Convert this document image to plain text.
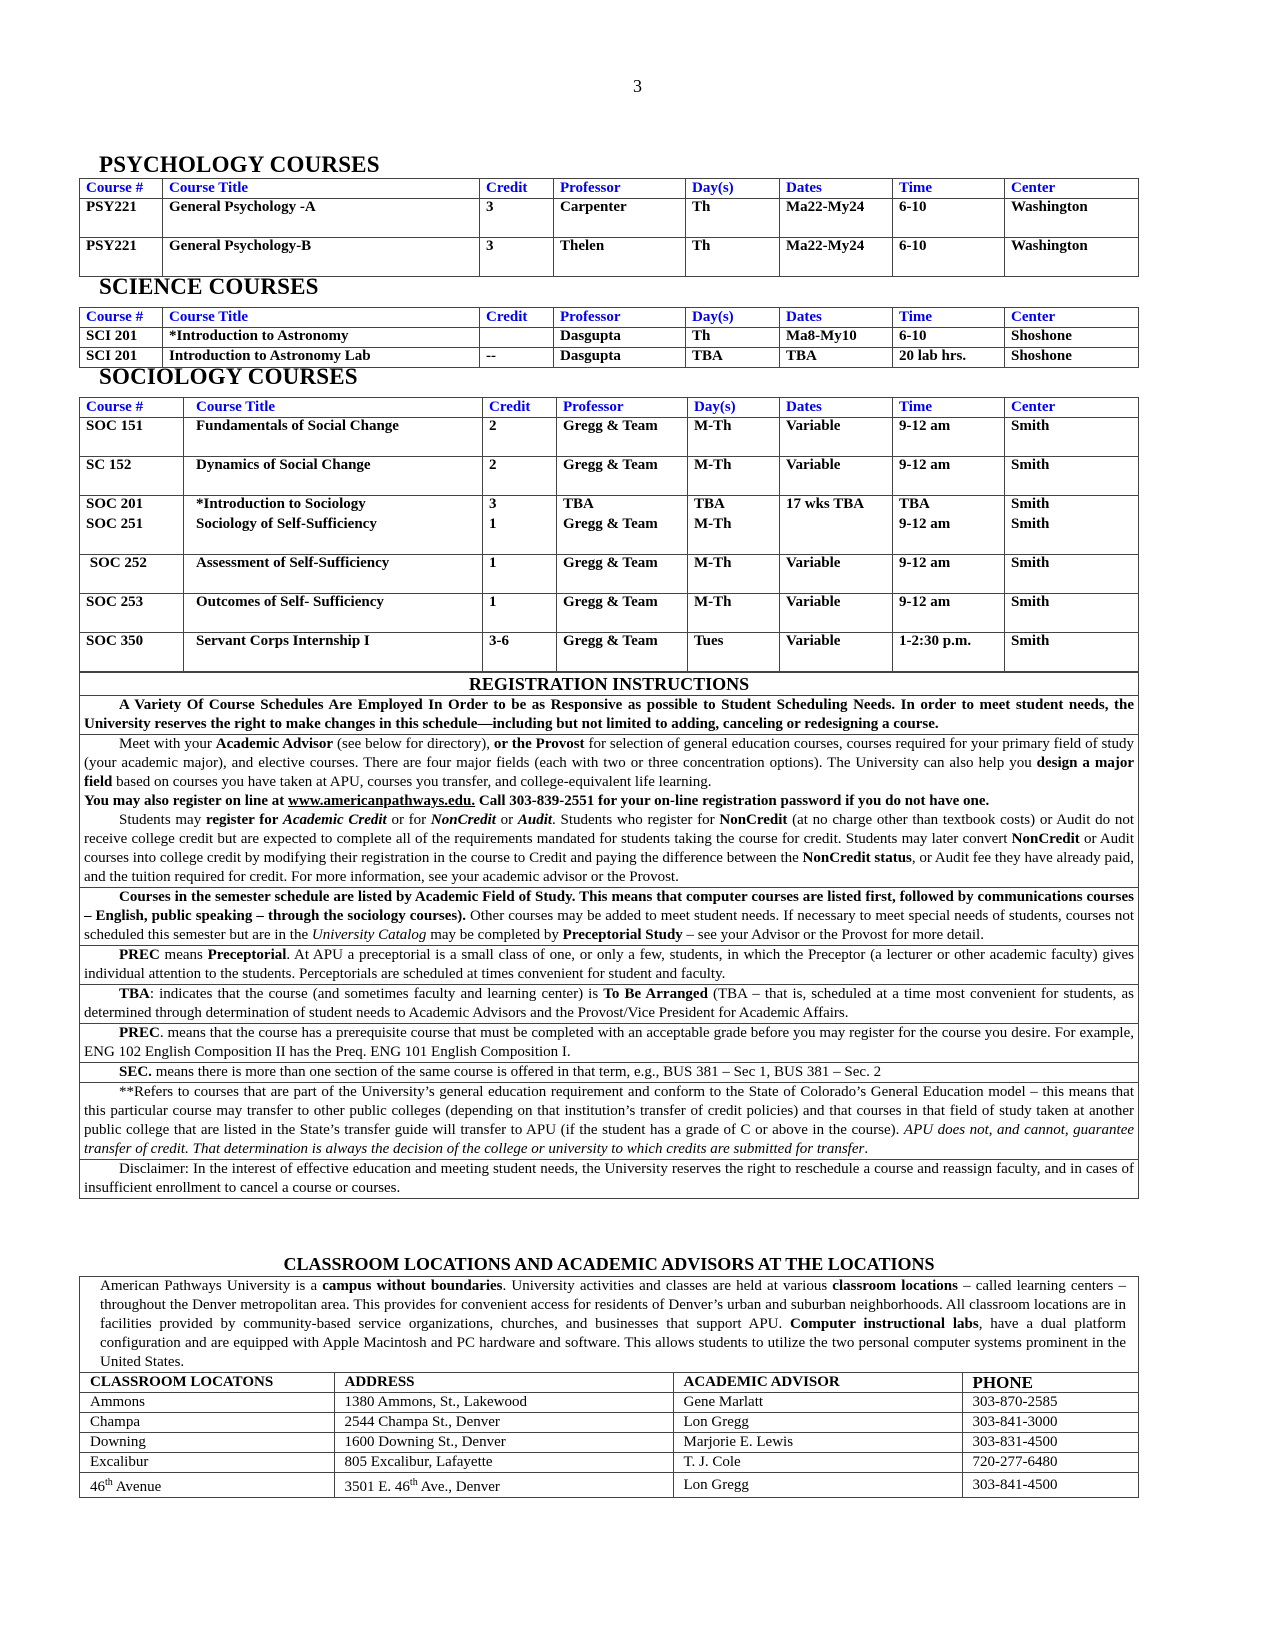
3
PSYCHOLOGY COURSES
Course #	Course Title	Credit	Professor	Day(s)	Dates	Time	Center
PSY221	General Psychology -A	3	Carpenter	Th	Ma22-My24	6-10	Washington
PSY221	General Psychology-B	3	Thelen	Th	Ma22-My24	6-10	Washington
SCIENCE COURSES
Course #	Course Title	Credit	Professor	Day(s)	Dates	Time	Center
SCI 201	*Introduction to Astronomy		Dasgupta	Th	Ma8-My10	6-10	Shoshone
SCI 201	Introduction to Astronomy Lab	--	Dasgupta	TBA	TBA	20 lab hrs.	Shoshone
SOCIOLOGY COURSES
Course #	Course Title	Credit	Professor	Day(s)	Dates	Time	Center
SOC 151	Fundamentals of Social Change	2	Gregg & Team	M-Th	Variable	9-12 am	Smith
SC 152	Dynamics of Social Change	2	Gregg & Team	M-Th	Variable	9-12 am	Smith
SOC 201	*Introduction to Sociology	3	TBA	TBA	17 wks TBA	TBA	Smith
SOC 251	Sociology of Self-Sufficiency	1	Gregg & Team	M-Th		9-12 am	Smith
SOC 252	Assessment of Self-Sufficiency	1	Gregg & Team	M-Th	Variable	9-12 am	Smith
SOC 253	Outcomes of Self- Sufficiency	1	Gregg & Team	M-Th	Variable	9-12 am	Smith
SOC 350	Servant Corps Internship I	3-6	Gregg & Team	Tues	Variable	1-2:30 p.m.	Smith
REGISTRATION INSTRUCTIONS

A Variety Of Course Schedules Are Employed In Order to be as Responsive as possible to Student Scheduling Needs. In order to meet student needs, the University reserves the right to make changes in this schedule—including but not limited to adding, canceling or redesigning a course.

Meet with your Academic Advisor (see below for directory), or the Provost for selection of general education courses, courses required for your primary field of study (your academic major), and elective courses. There are four major fields (each with two or three concentration options). The University can also help you design a major field based on courses you have taken at APU, courses you transfer, and college-equivalent life learning.

You may also register on line at www.americanpathways.edu. Call 303-839-2551 for your on-line registration password if you do not have one.

Students may register for Academic Credit or for NonCredit or Audit. Students who register for NonCredit (at no charge other than textbook costs) or Audit do not receive college credit but are expected to complete all of the requirements mandated for students taking the course for credit. Students may later convert NonCredit or Audit courses into college credit by modifying their registration in the course to Credit and paying the difference between the NonCredit status, or Audit fee they have already paid, and the tuition required for credit. For more information, see your academic advisor or the Provost.

Courses in the semester schedule are listed by Academic Field of Study. This means that computer courses are listed first, followed by communications courses – English, public speaking – through the sociology courses). Other courses may be added to meet student needs. If necessary to meet special needs of students, courses not scheduled this semester but are in the University Catalog may be completed by Preceptorial Study – see your Advisor or the Provost for more detail.

PREC means Preceptorial. At APU a preceptorial is a small class of one, or only a few, students, in which the Preceptor (a lecturer or other academic faculty) gives individual attention to the students. Perceptorials are scheduled at times convenient for student and faculty.

TBA: indicates that the course (and sometimes faculty and learning center) is To Be Arranged (TBA – that is, scheduled at a time most convenient for students, as determined through determination of student needs to Academic Advisors and the Provost/Vice President for Academic Affairs.

PREC. means that the course has a prerequisite course that must be completed with an acceptable grade before you may register for the course you desire. For example, ENG 102 English Composition II has the Preq. ENG 101 English Composition I.

SEC. means there is more than one section of the same course is offered in that term, e.g., BUS 381 – Sec 1, BUS 381 – Sec. 2

**Refers to courses that are part of the University’s general education requirement and conform to the State of Colorado’s General Education model – this means that this particular course may transfer to other public colleges (depending on that institution’s transfer of credit policies) and that courses in that field of study taken at another public college that are listed in the State’s transfer guide will transfer to APU (if the student has a grade of C or above in the course). APU does not, and cannot, guarantee transfer of credit. That determination is always the decision of the college or university to which credits are submitted for transfer.

Disclaimer: In the interest of effective education and meeting student needs, the University reserves the right to reschedule a course and reassign faculty, and in cases of insufficient enrollment to cancel a course or courses.

CLASSROOM LOCATIONS AND ACADEMIC ADVISORS AT THE LOCATIONS
American Pathways University is a campus without boundaries. University activities and classes are held at various classroom locations – called learning centers – throughout the Denver metropolitan area. This provides for convenient access for residents of Denver’s urban and suburban neighborhoods. All classroom locations are in facilities provided by community-based service organizations, churches, and businesses that support APU. Computer instructional labs, have a dual platform configuration and are equipped with Apple Macintosh and PC hardware and software. This allows students to utilize the two personal computer systems prominent in the United States.
CLASSROOM LOCATONS	ADDRESS	ACADEMIC ADVISOR	PHONE
Ammons	1380 Ammons, St., Lakewood	Gene Marlatt	303-870-2585
Champa	2544 Champa St., Denver	Lon Gregg	303-841-3000
Downing	1600 Downing St., Denver	Marjorie E. Lewis	303-831-4500
Excalibur	805 Excalibur, Lafayette	T. J. Cole	720-277-6480
46th Avenue	3501 E. 46th Ave., Denver	Lon Gregg	303-841-4500
